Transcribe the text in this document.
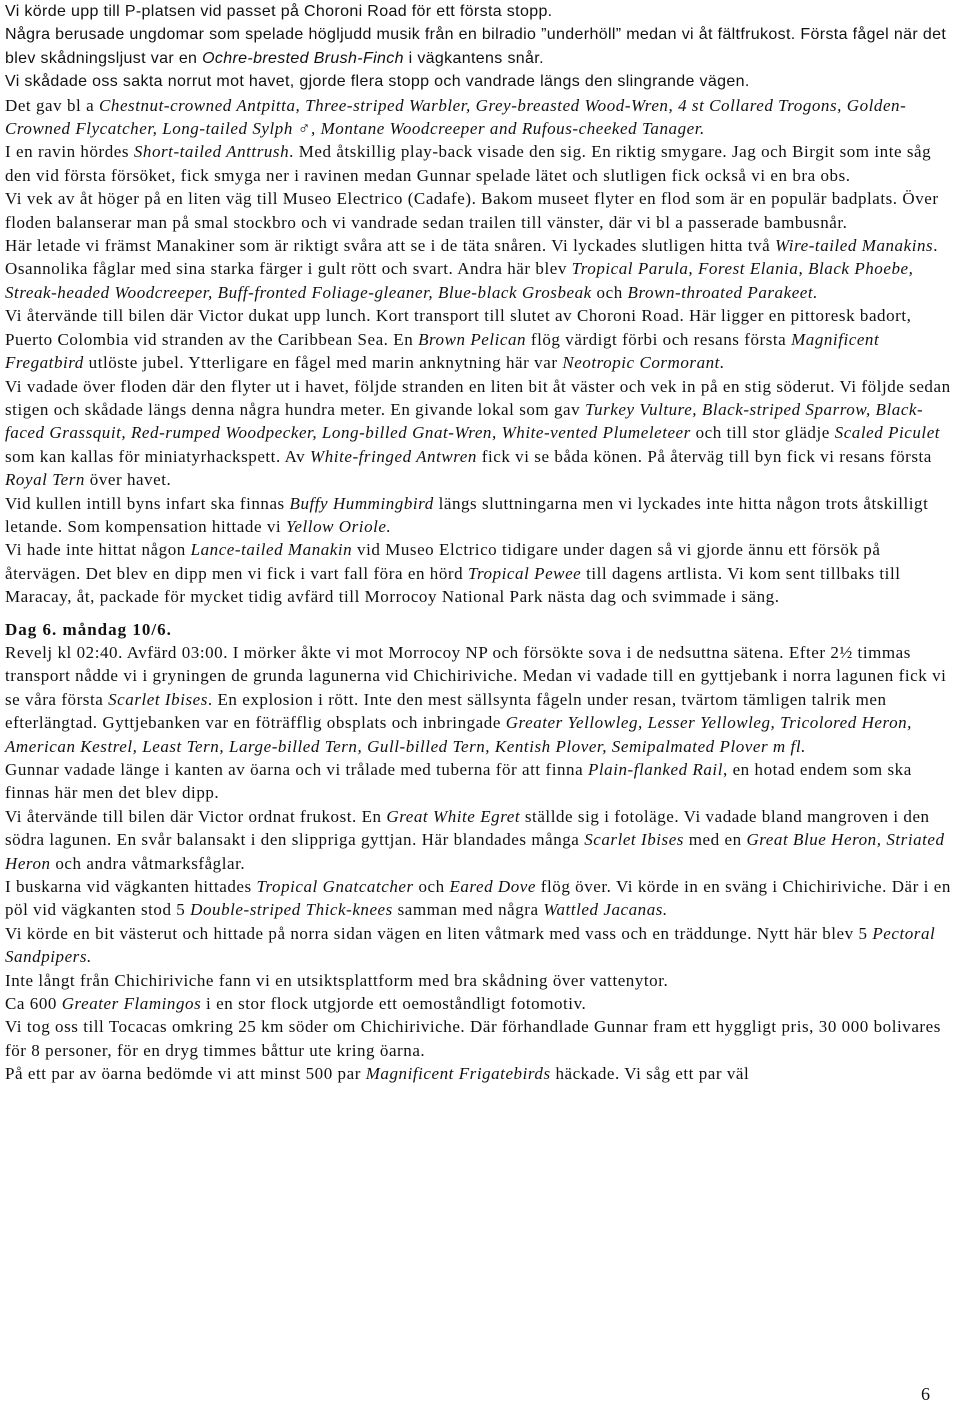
Vi körde upp till P-platsen vid passet på Choroni Road för ett första stopp.

Några berusade ungdomar som spelade högljudd musik från en bilradio ”underhöll” medan vi åt fältfrukost. Första fågel när det blev skådningsljust var en Ochre-brested Brush-Finch i vägkantens snår.

Vi skådade oss sakta norrut mot havet, gjorde flera stopp och vandrade längs den slingrande vägen.

Det gav bl a Chestnut-crowned Antpitta, Three-striped Warbler, Grey-breasted Wood-Wren, 4 st Collared Trogons, Golden-Crowned Flycatcher, Long-tailed Sylph ♂, Montane Woodcreeper and Rufous-cheeked Tanager.

I en ravin hördes Short-tailed Anttrush. Med åtskillig play-back visade den sig. En riktig smygare. Jag och Birgit som inte såg den vid första försöket, fick smyga ner i ravinen medan Gunnar spelade lätet och slutligen fick också vi en bra obs.

Vi vek av åt höger på en liten väg till Museo Electrico (Cadafe). Bakom museet flyter en flod som är en populär badplats. Över floden balanserar man på smal stockbro och vi vandrade sedan trailen till vänster, där vi bl a passerade bambusnår.

Här letade vi främst Manakiner som är riktigt svåra att se i de täta snåren. Vi lyckades slutligen hitta två Wire-tailed Manakins. Osannolika fåglar med sina starka färger i gult rött och svart. Andra här blev Tropical Parula, Forest Elania, Black Phoebe, Streak-headed Woodcreeper, Buff-fronted Foliage-gleaner, Blue-black Grosbeak och Brown-throated Parakeet.

Vi återvände till bilen där Victor dukat upp lunch. Kort transport till slutet av Choroni Road. Här ligger en pittoresk badort, Puerto Colombia vid stranden av the Caribbean Sea. En Brown Pelican flög värdigt förbi och resans första Magnificent Fregatbird utlöste jubel. Ytterligare en fågel med marin anknytning här var Neotropic Cormorant.

Vi vadade över floden där den flyter ut i havet, följde stranden en liten bit åt väster och vek in på en stig söderut. Vi följde sedan stigen och skådade längs denna några hundra meter. En givande lokal som gav Turkey Vulture, Black-striped Sparrow, Black-faced Grassquit, Red-rumped Woodpecker, Long-billed Gnat-Wren, White-vented Plumeleteer och till stor glädje Scaled Piculet som kan kallas för miniatyrhackspett. Av White-fringed Antwren fick vi se båda könen. På återväg till byn fick vi resans första Royal Tern över havet.

Vid kullen intill byns infart ska finnas Buffy Hummingbird längs sluttningarna men vi lyckades inte hitta någon trots åtskilligt letande. Som kompensation hittade vi Yellow Oriole.

Vi hade inte hittat någon Lance-tailed Manakin vid Museo Elctrico tidigare under dagen så vi gjorde ännu ett försök på återvägen. Det blev en dipp men vi fick i vart fall föra en hörd Tropical Pewee till dagens artlista. Vi kom sent tillbaks till Maracay, åt, packade för mycket tidig avfärd till Morrocoy National Park nästa dag och svimmade i säng.

Dag 6. måndag 10/6.

Revelj kl 02:40. Avfärd 03:00. I mörker åkte vi mot Morrocoy NP och försökte sova i de nedsuttna sätena. Efter 2½ timmas transport nådde vi i gryningen de grunda lagunerna vid Chichiriviche. Medan vi vadade till en gyttjebank i norra lagunen fick vi se våra första Scarlet Ibises. En explosion i rött. Inte den mest sällsynta fågeln under resan, tvärtom tämligen talrik men efterlängtad. Gyttjebanken var en föträfflig obsplats och inbringade Greater Yellowleg, Lesser Yellowleg, Tricolored Heron, American Kestrel, Least Tern, Large-billed Tern, Gull-billed Tern, Kentish Plover, Semipalmated Plover m fl.

Gunnar vadade länge i kanten av öarna och vi trålade med tuberna för att finna Plain-flanked Rail, en hotad endem som ska finnas här men det blev dipp.

Vi återvände till bilen där Victor ordnat frukost. En Great White Egret ställde sig i fotoläge. Vi vadade bland mangroven i den södra lagunen. En svår balansakt i den slippriga gyttjan. Här blandades många Scarlet Ibises med en Great Blue Heron, Striated Heron och andra våtmarksfåglar.

I buskarna vid vägkanten hittades Tropical Gnatcatcher och Eared Dove flög över. Vi körde in en sväng i Chichiriviche. Där i en pöl vid vägkanten stod 5 Double-striped Thick-knees samman med några Wattled Jacanas.

Vi körde en bit västerut och hittade på norra sidan vägen en liten våtmark med vass och en träddunge. Nytt här blev 5 Pectoral Sandpipers.

Inte långt från Chichiriviche fann vi en utsiktsplattform med bra skådning över vattenytor.

Ca 600 Greater Flamingos i en stor flock utgjorde ett oemoståndligt fotomotiv.

Vi tog oss till Tocacas omkring 25 km söder om Chichiriviche. Där förhandlade Gunnar fram ett hyggligt pris, 30 000 bolivares för 8 personer, för en dryg timmes båttur ute kring öarna.

På ett par av öarna bedömde vi att minst 500 par Magnificent Frigatebirds häckade. Vi såg ett par väl

6
